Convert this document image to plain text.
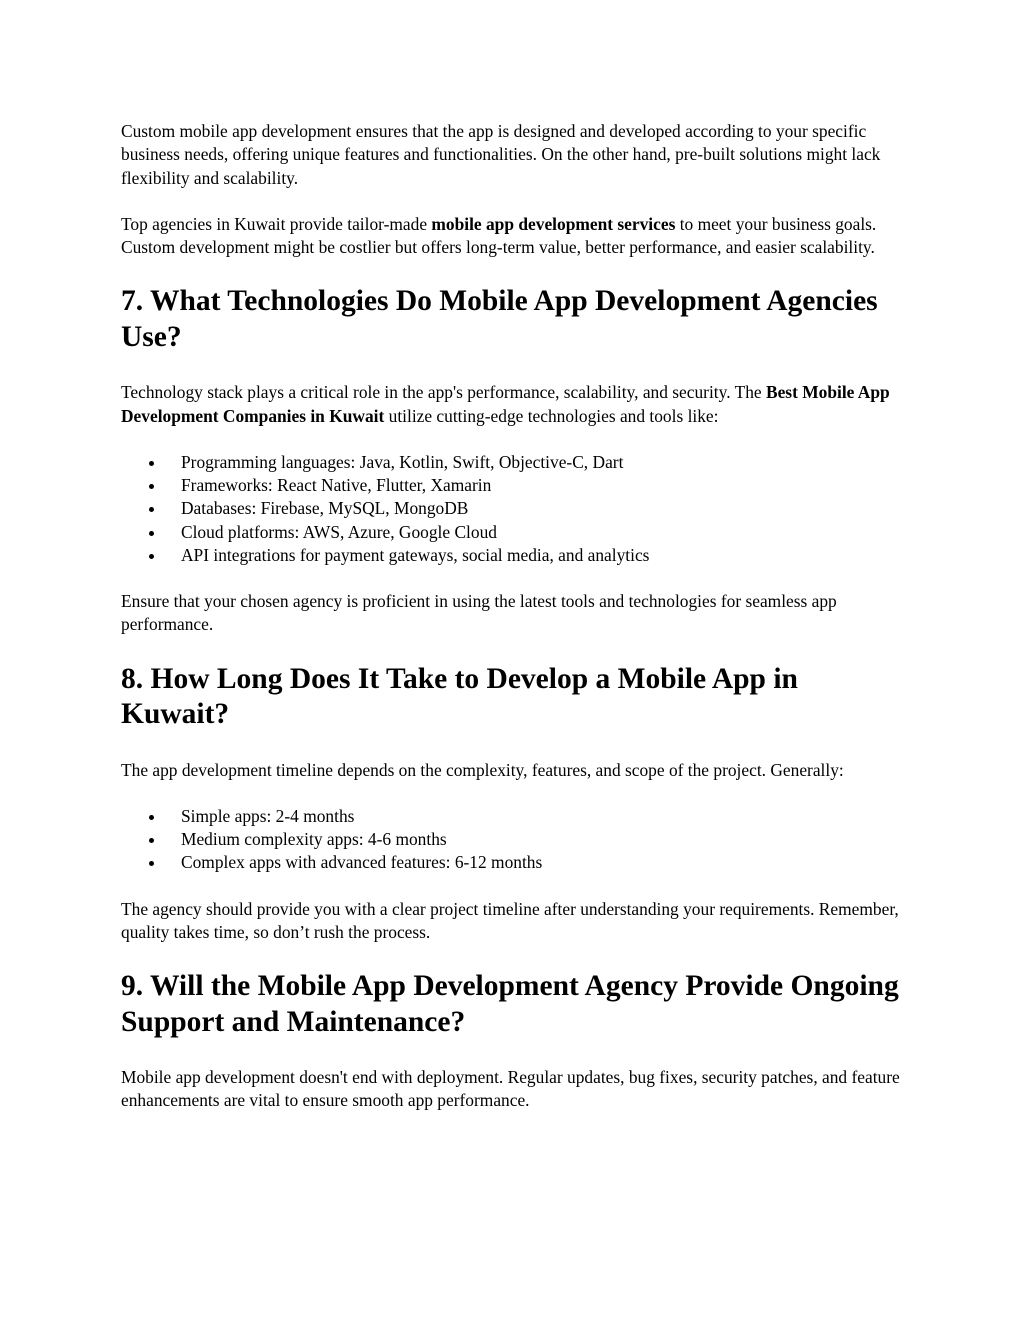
Custom mobile app development ensures that the app is designed and developed according to your specific business needs, offering unique features and functionalities. On the other hand, pre-built solutions might lack flexibility and scalability.

Top agencies in Kuwait provide tailor-made mobile app development services to meet your business goals. Custom development might be costlier but offers long-term value, better performance, and easier scalability.

7. What Technologies Do Mobile App Development Agencies Use?

Technology stack plays a critical role in the app's performance, scalability, and security. The Best Mobile App Development Companies in Kuwait utilize cutting-edge technologies and tools like:

Programming languages: Java, Kotlin, Swift, Objective-C, Dart
Frameworks: React Native, Flutter, Xamarin
Databases: Firebase, MySQL, MongoDB
Cloud platforms: AWS, Azure, Google Cloud
API integrations for payment gateways, social media, and analytics

Ensure that your chosen agency is proficient in using the latest tools and technologies for seamless app performance.

8. How Long Does It Take to Develop a Mobile App in Kuwait?

The app development timeline depends on the complexity, features, and scope of the project. Generally:

Simple apps: 2-4 months
Medium complexity apps: 4-6 months
Complex apps with advanced features: 6-12 months

The agency should provide you with a clear project timeline after understanding your requirements. Remember, quality takes time, so don’t rush the process.

9. Will the Mobile App Development Agency Provide Ongoing Support and Maintenance?

Mobile app development doesn't end with deployment. Regular updates, bug fixes, security patches, and feature enhancements are vital to ensure smooth app performance.
